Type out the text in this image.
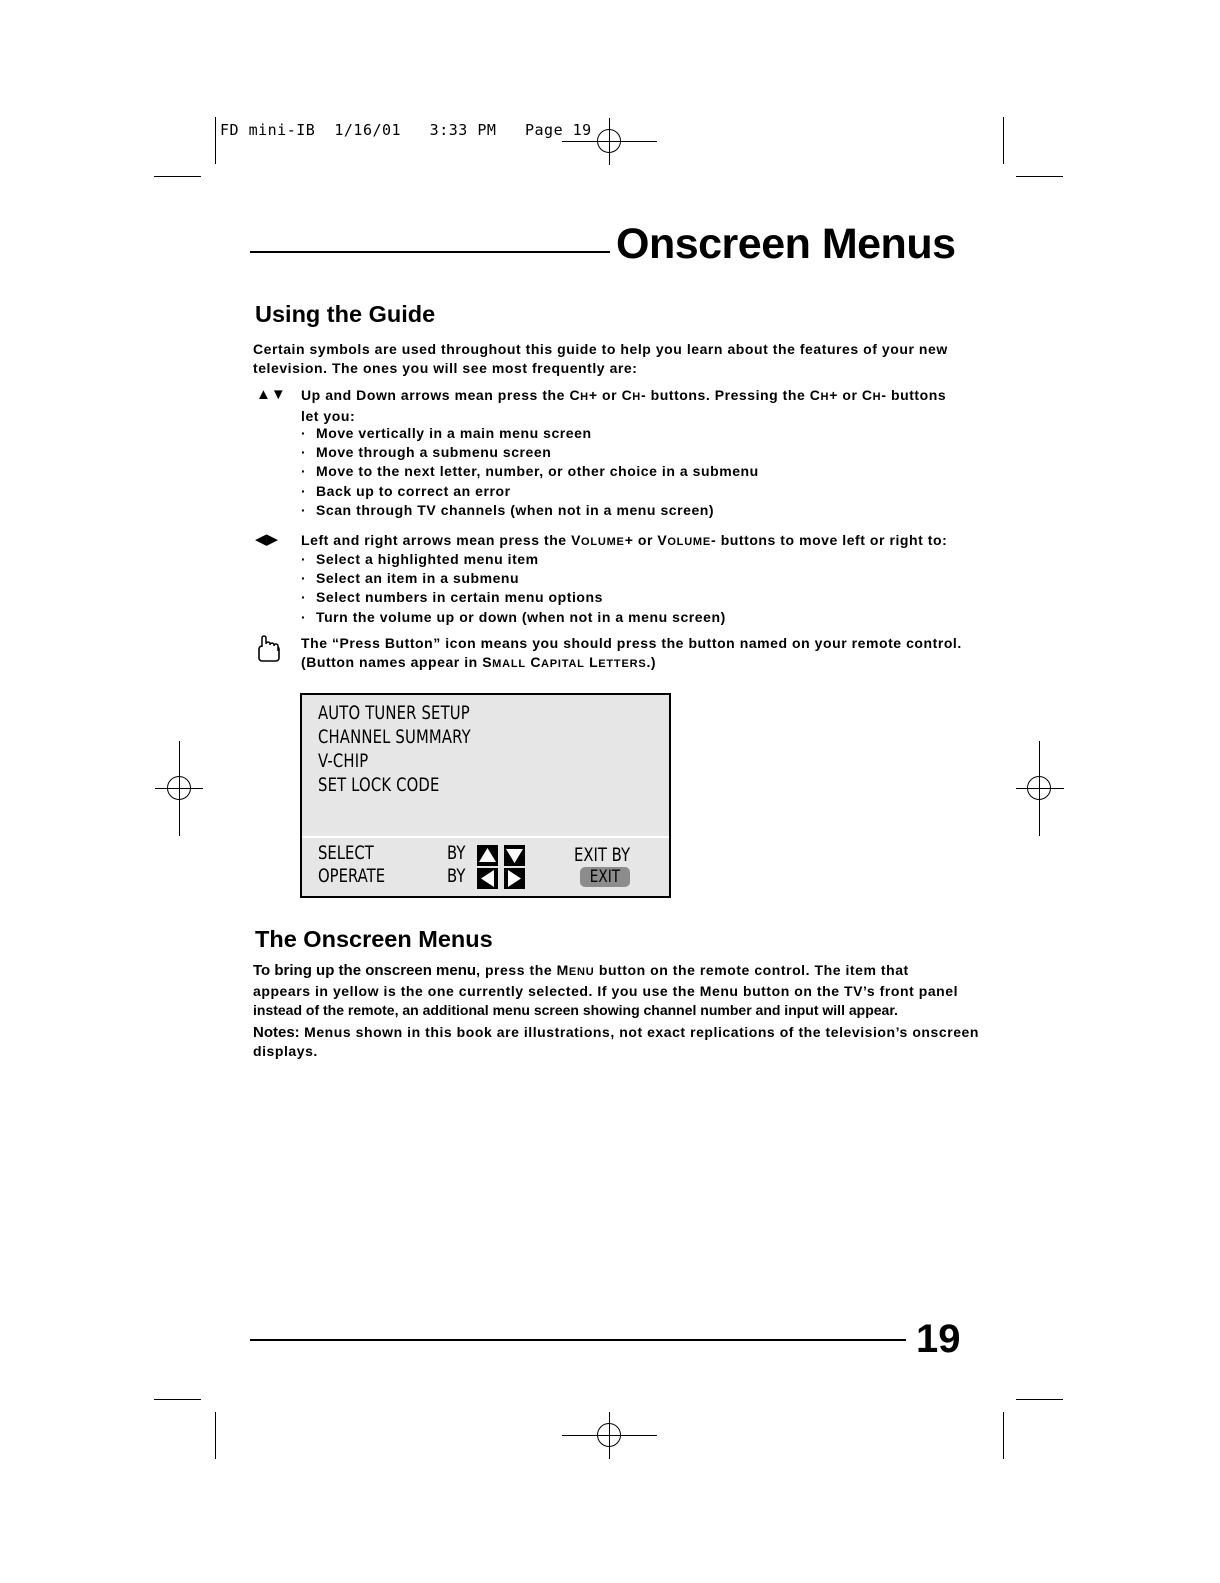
FD mini-IB  1/16/01   3:33 PM   Page 19
Onscreen Menus
Using the Guide
Certain symbols are used throughout this guide to help you learn about the features of your new
television. The ones you will see most frequently are:
▲▼ Up and Down arrows mean press the CH+ or CH- buttons. Pressing the CH+ or CH- buttons
let you:
· Move vertically in a main menu screen
· Move through a submenu screen
· Move to the next letter, number, or other choice in a submenu
· Back up to correct an error
· Scan through TV channels (when not in a menu screen)
◀▶ Left and right arrows mean press the VOLUME+ or VOLUME- buttons to move left or right to:
· Select a highlighted menu item
· Select an item in a submenu
· Select numbers in certain menu options
· Turn the volume up or down (when not in a menu screen)
The “Press Button” icon means you should press the button named on your remote control.
(Button names appear in SMALL CAPITAL LETTERS.)
AUTO TUNER SETUP
CHANNEL SUMMARY
V-CHIP
SET LOCK CODE
SELECT
OPERATE
BY
BY
EXIT BY
EXIT
The Onscreen Menus
To bring up the onscreen menu, press the MENU button on the remote control. The item that
appears in yellow is the one currently selected. If you use the Menu button on the TV’s front panel
instead of the remote, an additional menu screen showing channel number and input will appear.
Notes: Menus shown in this book are illustrations, not exact replications of the television’s onscreen
displays.
19
